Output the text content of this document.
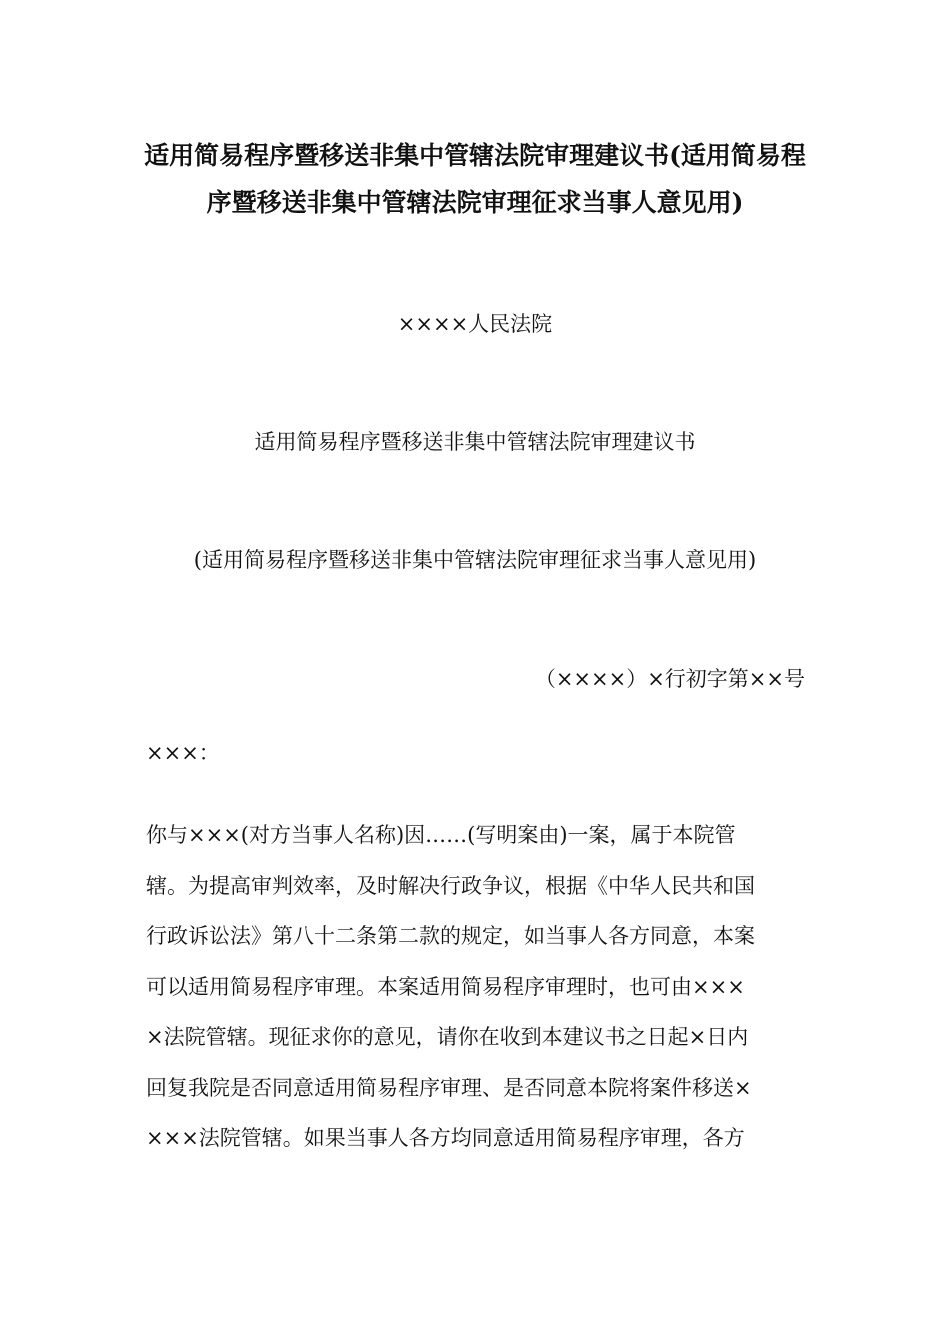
适用简易程序暨移送非集中管辖法院审理建议书(适用简易程序暨移送非集中管辖法院审理征求当事人意见用)
××××人民法院
适用简易程序暨移送非集中管辖法院审理建议书
(适用简易程序暨移送非集中管辖法院审理征求当事人意见用)
（××××）×行初字第××号
×××：
你与×××(对方当事人名称)因……(写明案由)一案，属于本院管
辖。为提高审判效率，及时解决行政争议，根据《中华人民共和国
行政诉讼法》第八十二条第二款的规定，如当事人各方同意，本案
可以适用简易程序审理。本案适用简易程序审理时，也可由×××
×法院管辖。现征求你的意见，请你在收到本建议书之日起×日内
回复我院是否同意适用简易程序审理、是否同意本院将案件移送×
×××法院管辖。如果当事人各方均同意适用简易程序审理，各方
